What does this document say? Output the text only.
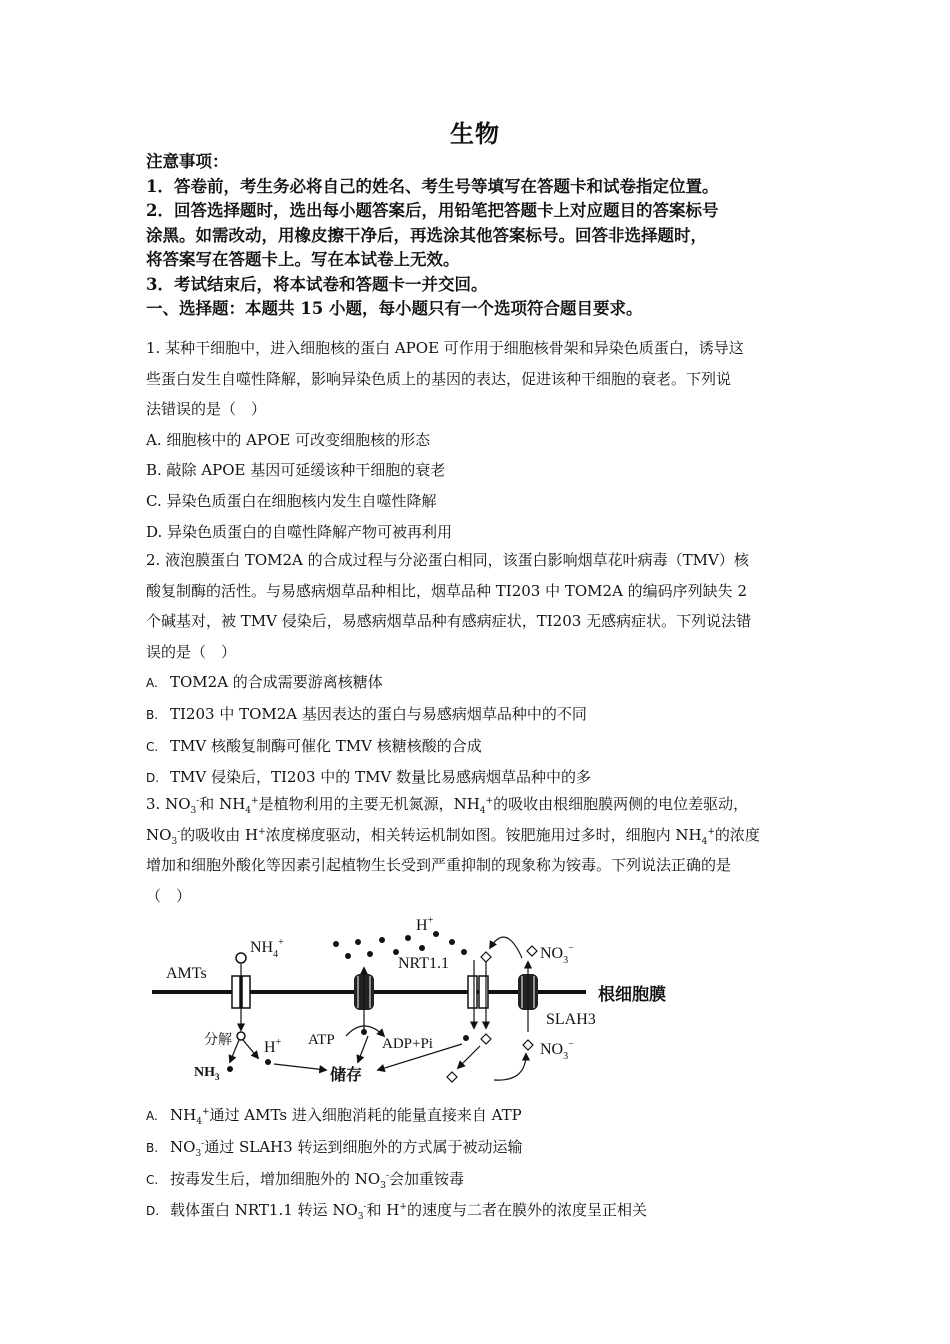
生物
注意事项：
1．答卷前，考生务必将自己的姓名、考生号等填写在答题卡和试卷指定位置。
2．回答选择题时，选出每小题答案后，用铅笔把答题卡上对应题目的答案标号
涂黑。如需改动，用橡皮擦干净后，再选涂其他答案标号。回答非选择题时，
将答案写在答题卡上。写在本试卷上无效。
3．考试结束后，将本试卷和答题卡一并交回。
一、选择题：本题共 15 小题，每小题只有一个选项符合题目要求。

1. 某种干细胞中，进入细胞核的蛋白 APOE 可作用于细胞核骨架和异染色质蛋白，诱导这

些蛋白发生自噬性降解，影响异染色质上的基因的表达，促进该种干细胞的衰老。下列说

法错误的是（　）

A. 细胞核中的 APOE 可改变细胞核的形态

B. 敲除 APOE 基因可延缓该种干细胞的衰老

C. 异染色质蛋白在细胞核内发生自噬性降解

D. 异染色质蛋白的自噬性降解产物可被再利用

2. 液泡膜蛋白 TOM2A 的合成过程与分泌蛋白相同，该蛋白影响烟草花叶病毒（TMV）核

酸复制酶的活性。与易感病烟草品种相比，烟草品种 TI203 中 TOM2A 的编码序列缺失 2

个碱基对，被 TMV 侵染后，易感病烟草品种有感病症状，TI203 无感病症状。下列说法错

误的是（　）

A. TOM2A 的合成需要游离核糖体

B. TI203 中 TOM2A 基因表达的蛋白与易感病烟草品种中的不同

C. TMV 核酸复制酶可催化 TMV 核糖核酸的合成

D. TMV 侵染后，TI203 中的 TMV 数量比易感病烟草品种中的多

3. $NO_3^-$和 $NH_4^+$是植物利用的主要无机氮源，$NH_4^+$的吸收由根细胞膜两侧的电位差驱动，

$NO_3^-$的吸收由 H+浓度梯度驱动，相关转运机制如图。铵肥施用过多时，细胞内 $NH_4^+$的浓度

增加和细胞外酸化等因素引起植物生长受到严重抑制的现象称为铵毒。下列说法正确的是

（　）

根细胞膜
AMTs
$NH_4^+$
分解
$NH_3$
H+
H+
ATP	ADP+Pi
储存
NRT1.1
SLAH3
$NO_3^-$
$NO_3^-$

A. $NH_4^+$通过 AMTs 进入细胞消耗的能量直接来自 ATP

B. $NO_3^-$通过 SLAH3 转运到细胞外的方式属于被动运输

C. 按毒发生后，增加细胞外的 $NO_3^-$会加重铵毒

D. 载体蛋白 NRT1.1 转运 $NO_3^-$和 H+的速度与二者在膜外的浓度呈正相关
